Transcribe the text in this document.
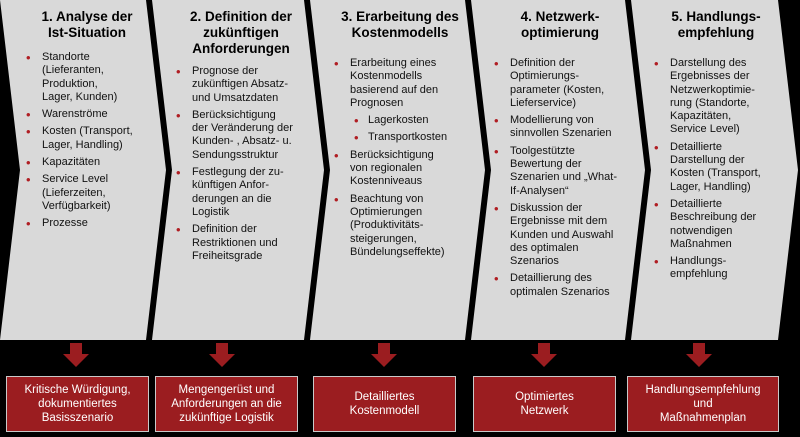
1. Analyse der
Ist-Situation
• Standorte
(Lieferanten,
Produktion,
Lager, Kunden)
• Warenströme
• Kosten (Transport,
Lager, Handling)
• Kapazitäten
• Service Level
(Lieferzeiten,
Verfügbarkeit)
• Prozesse
2. Definition der
zukünftigen
Anforderungen
• Prognose der
zukünftigen Absatz-
und Umsatzdaten
• Berücksichtigung
der Veränderung der
Kunden- , Absatz- u.
Sendungsstruktur
• Festlegung der zu-
künftigen Anfor-
derungen an die
Logistik
• Definition der
Restriktionen und
Freiheitsgrade
3. Erarbeitung des
Kostenmodells
• Erarbeitung eines
Kostenmodells
basierend auf den
Prognosen
• Lagerkosten
• Transportkosten
• Berücksichtigung
von regionalen
Kostenniveaus
• Beachtung von
Optimierungen
(Produktivitäts-
steigerungen,
Bündelungseffekte)
4. Netzwerk-
optimierung
• Definition der
Optimierungs-
parameter (Kosten,
Lieferservice)
• Modellierung von
sinnvollen Szenarien
• Toolgestützte
Bewertung der
Szenarien und „What-
If-Analysen“
• Diskussion der
Ergebnisse mit dem
Kunden und Auswahl
des optimalen
Szenarios
• Detaillierung des
optimalen Szenarios
5. Handlungs-
empfehlung
• Darstellung des
Ergebnisses der
Netzwerkoptimie-
rung (Standorte,
Kapazitäten,
Service Level)
• Detaillierte
Darstellung der
Kosten (Transport,
Lager, Handling)
• Detaillierte
Beschreibung der
notwendigen
Maßnahmen
• Handlungs-
empfehlung
Kritische Würdigung,
dokumentiertes
Basisszenario
Mengengerüst und
Anforderungen an die
zukünftige Logistik
Detailliertes
Kostenmodell
Optimiertes
Netzwerk
Handlungsempfehlung
und
Maßnahmenplan
